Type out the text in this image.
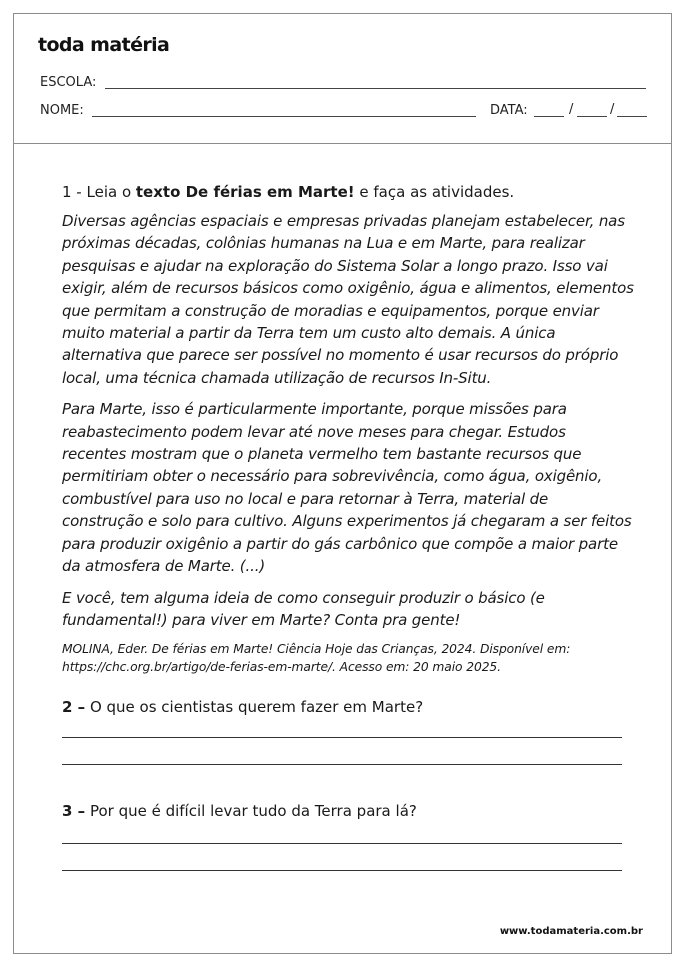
toda matéria
ESCOLA:
NOME:	DATA:	/	/

1 - Leia o texto De férias em Marte! e faça as atividades.

Diversas agências espaciais e empresas privadas planejam estabelecer, nas próximas décadas, colônias humanas na Lua e em Marte, para realizar pesquisas e ajudar na exploração do Sistema Solar a longo prazo. Isso vai exigir, além de recursos básicos como oxigênio, água e alimentos, elementos que permitam a construção de moradias e equipamentos, porque enviar muito material a partir da Terra tem um custo alto demais. A única alternativa que parece ser possível no momento é usar recursos do próprio local, uma técnica chamada utilização de recursos In-Situ.

Para Marte, isso é particularmente importante, porque missões para reabastecimento podem levar até nove meses para chegar. Estudos recentes mostram que o planeta vermelho tem bastante recursos que permitiriam obter o necessário para sobrevivência, como água, oxigênio, combustível para uso no local e para retornar à Terra, material de construção e solo para cultivo. Alguns experimentos já chegaram a ser feitos para produzir oxigênio a partir do gás carbônico que compõe a maior parte da atmosfera de Marte. (...)

E você, tem alguma ideia de como conseguir produzir o básico (e fundamental!) para viver em Marte? Conta pra gente!

MOLINA, Eder. De férias em Marte! Ciência Hoje das Crianças, 2024. Disponível em: https://chc.org.br/artigo/de-ferias-em-marte/. Acesso em: 20 maio 2025.

2 – O que os cientistas querem fazer em Marte?

3 – Por que é difícil levar tudo da Terra para lá?

www.todamateria.com.br
